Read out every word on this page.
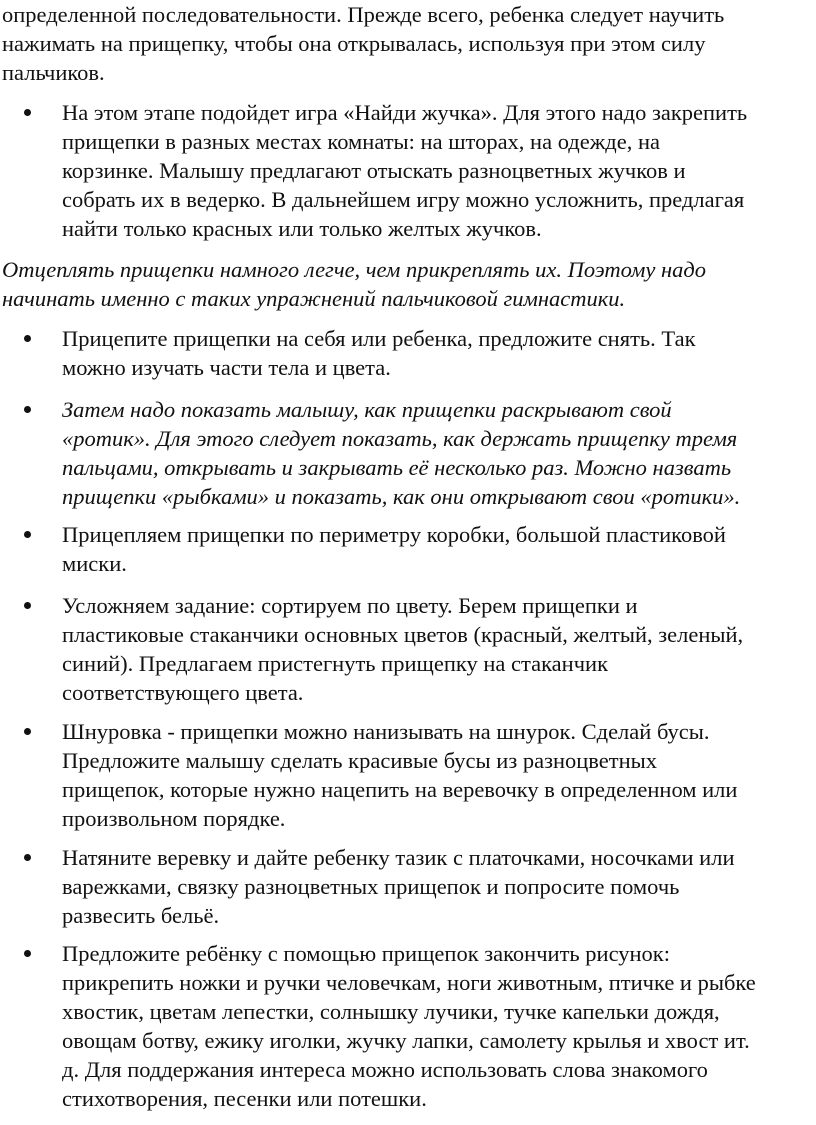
определенной последовательности. Прежде всего, ребенка следует научить
нажимать на прищепку, чтобы она открывалась, используя при этом силу
пальчиков.

На этом этапе подойдет игра «Найди жучка». Для этого надо закрепить
прищепки в разных местах комнаты: на шторах, на одежде, на
корзинке. Малышу предлагают отыскать разноцветных жучков и
собрать их в ведерко. В дальнейшем игру можно усложнить, предлагая
найти только красных или только желтых жучков.

Отцеплять прищепки намного легче, чем прикреплять их. Поэтому надо
начинать именно с таких упражнений пальчиковой гимнастики.

Прицепите прищепки на себя или ребенка, предложите снять. Так
можно изучать части тела и цвета.
Затем надо показать малышу, как прищепки раскрывают свой
«ротик». Для этого следует показать, как держать прищепку тремя
пальцами, открывать и закрывать её несколько раз. Можно назвать
прищепки «рыбками» и показать, как они открывают свои «ротики».
Прицепляем прищепки по периметру коробки, большой пластиковой
миски.
Усложняем задание: сортируем по цвету. Берем прищепки и
пластиковые стаканчики основных цветов (красный, желтый, зеленый,
синий). Предлагаем пристегнуть прищепку на стаканчик
соответствующего цвета.
Шнуровка - прищепки можно нанизывать на шнурок. Сделай бусы.
Предложите малышу сделать красивые бусы из разноцветных
прищепок, которые нужно нацепить на веревочку в определенном или
произвольном порядке.
Натяните веревку и дайте ребенку тазик с платочками, носочками или
варежками, связку разноцветных прищепок и попросите помочь
развесить бельё.
Предложите ребёнку с помощью прищепок закончить рисунок:
прикрепить ножки и ручки человечкам, ноги животным, птичке и рыбке
хвостик, цветам лепестки, солнышку лучики, тучке капельки дождя,
овощам ботву, ежику иголки, жучку лапки, самолету крылья и хвост ит.
д. Для поддержания интереса можно использовать слова знакомого
стихотворения, песенки или потешки.
